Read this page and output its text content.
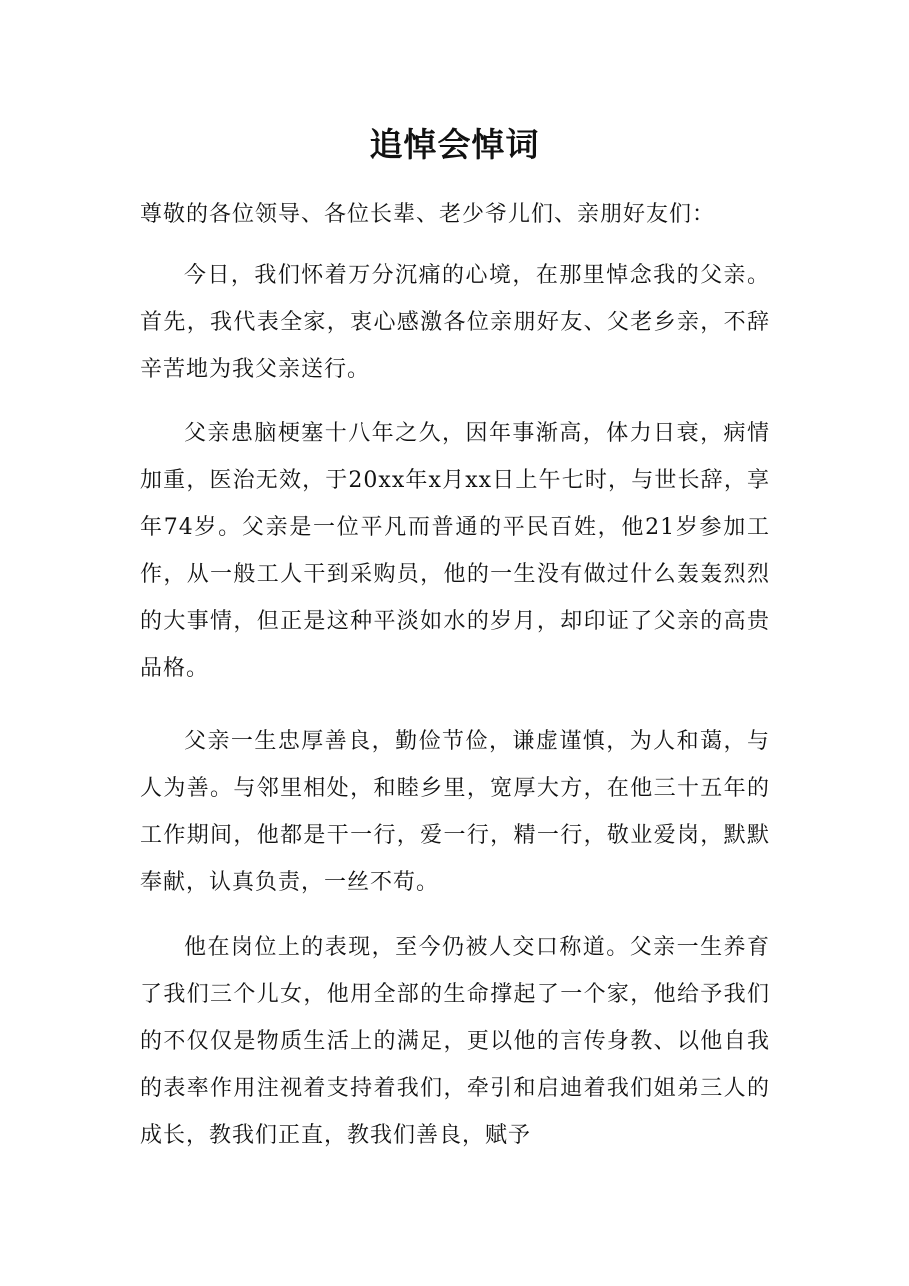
追悼会悼词

尊敬的各位领导、各位长辈、老少爷儿们、亲朋好友们：

今日，我们怀着万分沉痛的心境，在那里悼念我的父亲。首先，我代表全家，衷心感激各位亲朋好友、父老乡亲，不辞辛苦地为我父亲送行。

父亲患脑梗塞十八年之久，因年事渐高，体力日衰，病情加重，医治无效，于20xx年x月xx日上午七时，与世长辞，享年74岁。父亲是一位平凡而普通的平民百姓，他21岁参加工作，从一般工人干到采购员，他的一生没有做过什么轰轰烈烈的大事情，但正是这种平淡如水的岁月，却印证了父亲的高贵品格。

父亲一生忠厚善良，勤俭节俭，谦虚谨慎，为人和蔼，与人为善。与邻里相处，和睦乡里，宽厚大方，在他三十五年的工作期间，他都是干一行，爱一行，精一行，敬业爱岗，默默奉献，认真负责，一丝不苟。

他在岗位上的表现，至今仍被人交口称道。父亲一生养育了我们三个儿女，他用全部的生命撑起了一个家，他给予我们的不仅仅是物质生活上的满足，更以他的言传身教、以他自我的表率作用注视着支持着我们，牵引和启迪着我们姐弟三人的成长，教我们正直，教我们善良，赋予
